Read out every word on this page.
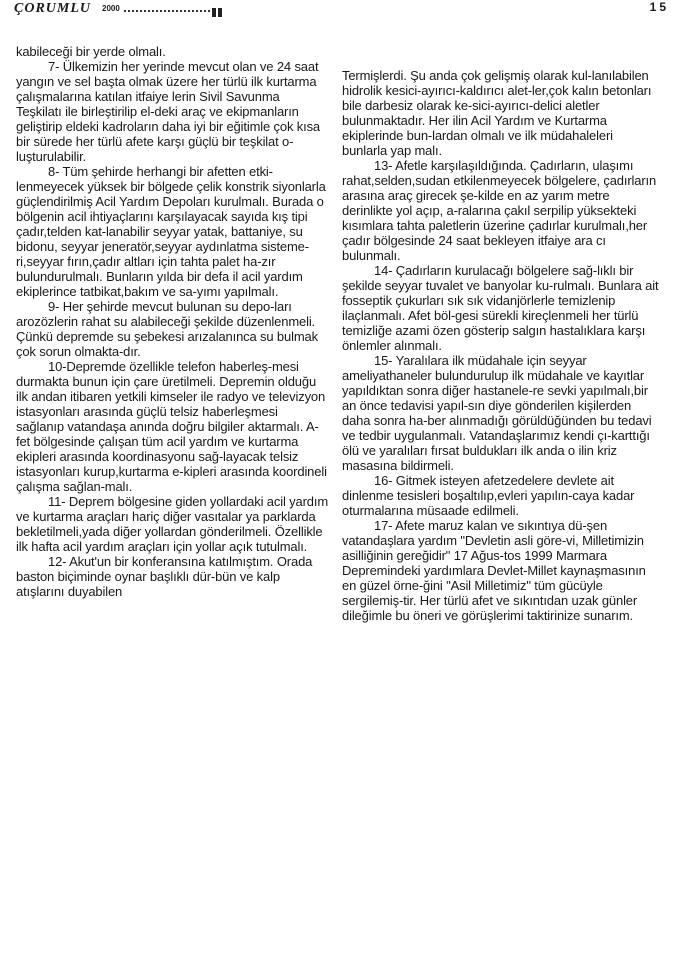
ÇORUMLU 2000	15

kabileceği bir yerde olmalı.

7- Ülkemizin her yerinde mevcut olan ve 24 saat yangın ve sel başta olmak üzere her türlü ilk kurtarma çalışmalarına katılan itfaiye lerin Sivil Savunma Teşkilatı ile birleştirilip el-deki araç ve ekipmanların geliştirip eldeki kadroların daha iyi bir eğitimle çok kısa bir sürede her türlü afete karşı güçlü bir teşkilat o-luşturulabilir.

8- Tüm şehirde herhangi bir afetten etki-lenmeyecek yüksek bir bölgede çelik konstrik siyonlarla güçlendirilmiş Acil Yardım Depoları kurulmalı. Burada o bölgenin acil ihtiyaçlarını karşılayacak sayıda kış tipi çadır,telden kat-lanabilir seyyar yatak, battaniye, su bidonu, seyyar jeneratör,seyyar aydınlatma sisteme-ri,seyyar fırın,çadır altları için tahta palet ha-zır bulundurulmalı. Bunların yılda bir defa il acil yardım ekiplerince tatbikat,bakım ve sa-yımı yapılmalı.

9- Her şehirde mevcut bulunan su depo-ları arozözlerin rahat su alabileceği şekilde düzenlenmeli. Çünkü depremde su şebekesi arızalanınca su bulmak çok sorun olmakta-dır.

10-Depremde özellikle telefon haberleş-mesi durmakta bunun için çare üretilmeli. Depremin olduğu ilk andan itibaren yetkili kimseler ile radyo ve televizyon istasyonları arasında güçlü telsiz haberleşmesi sağlanıp vatandaşa anında doğru bilgiler aktarmalı. A-fet bölgesinde çalışan tüm acil yardım ve kurtarma ekipleri arasında koordinasyonu sağ-layacak telsiz istasyonları kurup,kurtarma e-kipleri arasında koordineli çalışma sağlan-malı.

11- Deprem bölgesine giden yollardaki acil yardım ve kurtarma araçları hariç diğer vasıtalar ya parklarda bekletilmeli,yada diğer yollardan gönderilmeli. Özellikle ilk hafta acil yardım araçları için yollar açık tutulmalı.

12- Akut'un bir konferansına katılmıştım. Orada baston biçiminde oynar başlıklı dür-bün ve kalp atışlarını duyabilen

Termişlerdi. Şu anda çok gelişmiş olarak kul-lanılabilen hidrolik kesici-ayırıcı-kaldırıcı alet-ler,çok kalın betonları bile darbesiz olarak ke-sici-ayırıcı-delici aletler bulunmaktadır. Her ilin Acil Yardım ve Kurtarma ekiplerinde bun-lardan olmalı ve ilk müdahaleleri bunlarla yap malı.

13- Afetle karşılaşıldığında. Çadırların, ulaşımı rahat,selden,sudan etkilenmeyecek bölgelere, çadırların arasına araç girecek şe-kilde en az yarım metre derinlikte yol açıp, a-ralarına çakıl serpilip yüksekteki kısımlara tahta paletlerin üzerine çadırlar kurulmalı,her çadır bölgesinde 24 saat bekleyen itfaiye ara cı bulunmalı.

14- Çadırların kurulacağı bölgelere sağ-lıklı bir şekilde seyyar tuvalet ve banyolar ku-rulmalı. Bunlara ait fosseptik çukurları sık sık vidanjörlerle temizlenip ilaçlanmalı. Afet böl-gesi sürekli kireçlenmeli her türlü temizliğe azami özen gösterip salgın hastalıklara karşı önlemler alınmalı.

15- Yaralılara ilk müdahale için seyyar ameliyathaneler bulundurulup ilk müdahale ve kayıtlar yapıldıktan sonra diğer hastanele-re sevki yapılmalı,bir an önce tedavisi yapıl-sın diye gönderilen kişilerden daha sonra ha-ber alınmadığı görüldüğünden bu tedavi ve tedbir uygulanmalı. Vatandaşlarımız kendi çı-karttığı ölü ve yaralıları fırsat buldukları ilk anda o ilin kriz masasına bildirmeli.

16- Gitmek isteyen afetzedelere devlete ait dinlenme tesisleri boşaltılıp,evleri yapılın-caya kadar oturmalarına müsaade edilmeli.

17- Afete maruz kalan ve sıkıntıya dü-şen vatandaşlara yardım "Devletin asli göre-vi, Milletimizin asilliğinin gereğidir" 17 Ağus-tos 1999 Marmara Depremindeki yardımlara Devlet-Millet kaynaşmasının en güzel örne-ğini "Asil Milletimiz" tüm gücüyle sergilemiş-tir. Her türlü afet ve sıkıntıdan uzak günler dileğimle bu öneri ve görüşlerimi taktirinize sunarım.
